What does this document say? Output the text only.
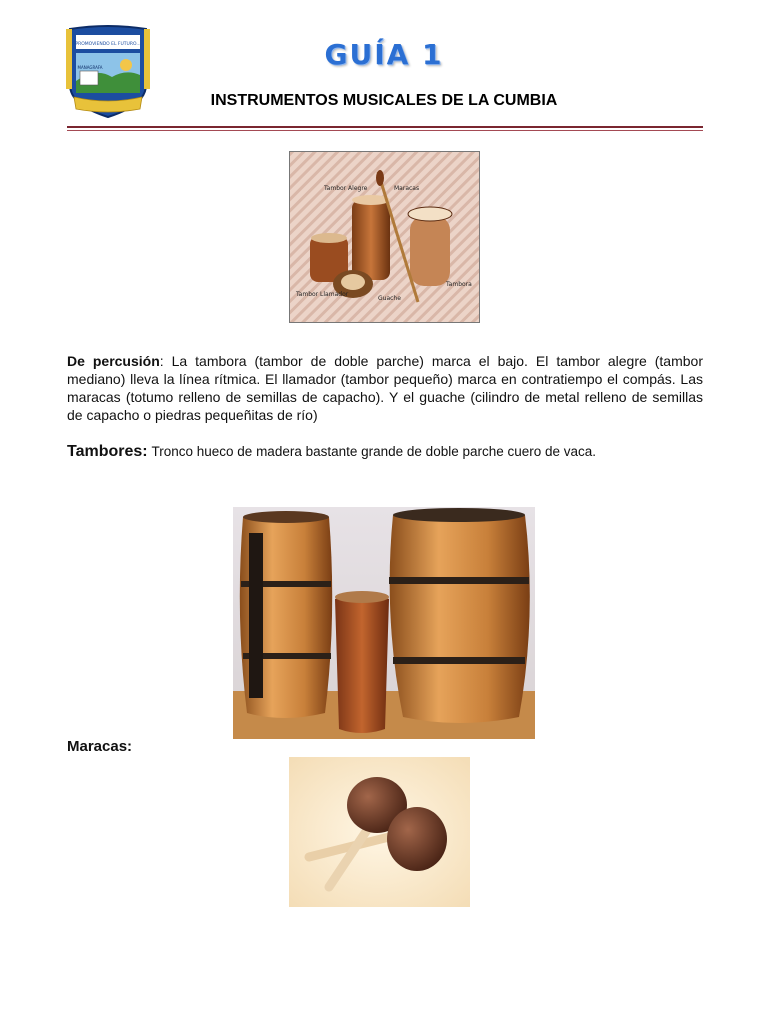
PROMOVIENDO EL FUTURO...
MANAGRAFA	GUÍA 1
INSTRUMENTOS MUSICALES DE LA CUMBIA
Tambor Alegre	Maracas
Tambor Llamador
Guache
Tambora
De percusión: La tambora (tambor de doble parche) marca el bajo. El tambor alegre (tambor mediano) lleva la línea rítmica. El llamador (tambor pequeño) marca en contratiempo el compás. Las maracas (totumo relleno de semillas de capacho). Y el guache (cilindro de metal relleno de semillas de capacho o piedras pequeñitas de río)
Tambores: Tronco hueco de madera bastante grande de doble parche cuero de vaca.
Maracas:
